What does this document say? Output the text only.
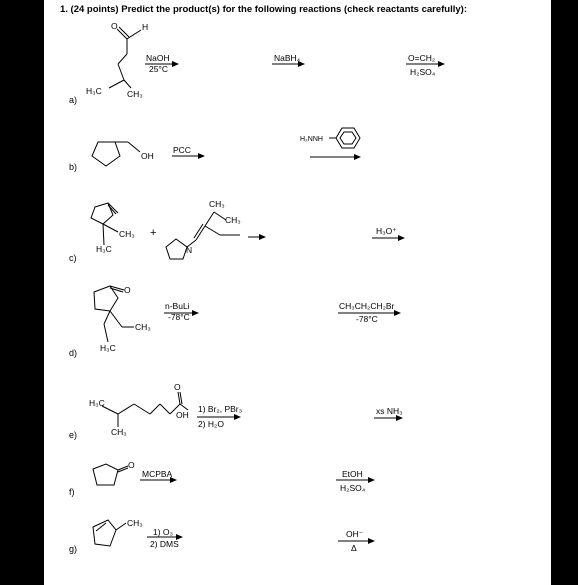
1. (24 points) Predict the product(s) for the following reactions (check reactants carefully):
a)
b)
c)
d)
e)
f)
g)
O	H
H₃C	CH₃
OH
CH₃
H₃C
+
CH₃
CH₃
N
O
CH₃
H₃C
H₃C
CH₃
O
OH
O
CH₃
NaOH
25°C
NaBH₄	O=CH₂
H₂SO₄
PCC
H₂NNH
H₃O⁺
n-BuLi
-78°C
CH₃CH₂CH₂Br
-78°C
1) Br₂, PBr₃
2) H₂O
xs NH₃
MCPBA	EtOH
H₂SO₄
1) O₃
2) DMS
OH⁻
Δ
